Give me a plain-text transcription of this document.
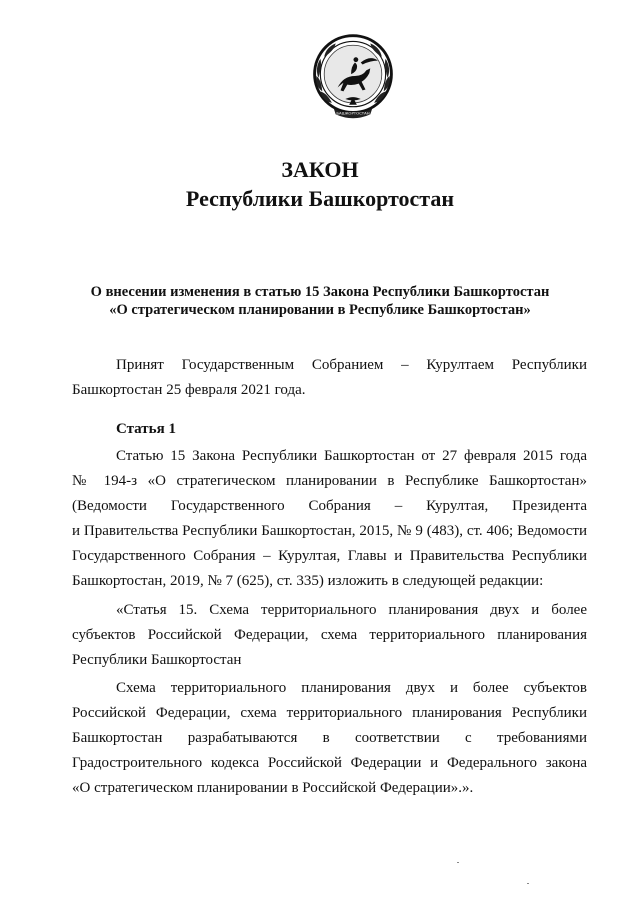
БАШКОРТОСТАН
ЗАКОН
Республики Башкортостан
О внесении изменения в статью 15 Закона Республики Башкортостан
«О стратегическом планировании в Республике Башкортостан»
Принят Государственным Собранием – Курултаем Республики
Башкортостан 25 февраля 2021 года.
Статья 1
Статью 15 Закона Республики Башкортостан от 27 февраля 2015 года
№ 194-з «О стратегическом планировании в Республике Башкортостан»
(Ведомости Государственного Собрания – Курултая, Президента
и Правительства Республики Башкортостан, 2015, № 9 (483), ст. 406; Ведомости
Государственного Собрания – Курултая, Главы и Правительства Республики
Башкортостан, 2019, № 7 (625), ст. 335) изложить в следующей редакции:
«Статья 15. Схема территориального планирования двух и более
субъектов Российской Федерации, схема территориального планирования
Республики Башкортостан
Схема территориального планирования двух и более субъектов
Российской Федерации, схема территориального планирования Республики
Башкортостан разрабатываются в соответствии с требованиями
Градостроительного кодекса Российской Федерации и Федерального закона
«О стратегическом планировании в Российской Федерации».».
